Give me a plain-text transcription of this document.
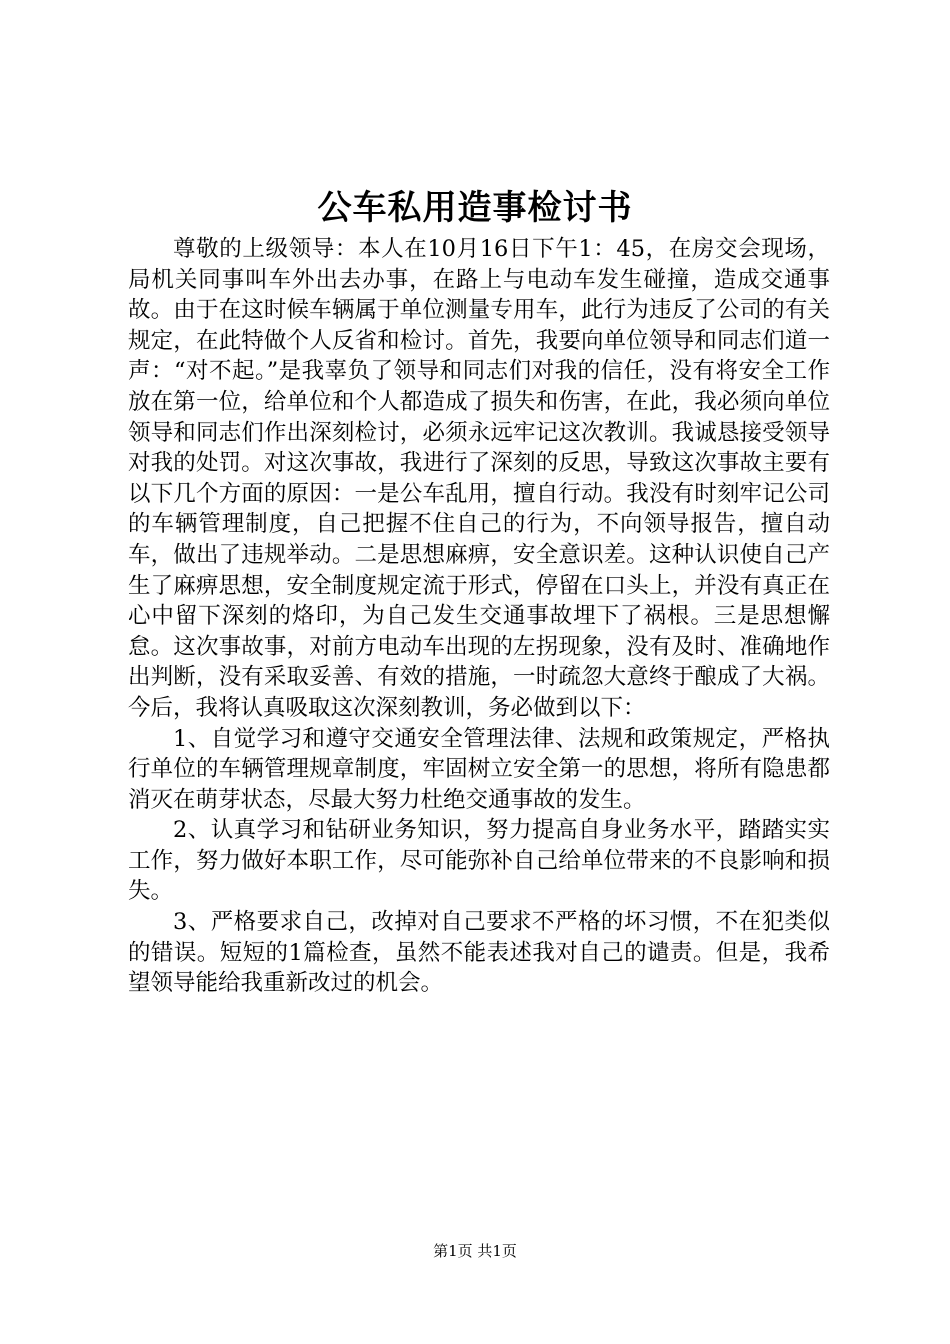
公车私用造事检讨书

尊敬的上级领导：本人在10月16日下午1：45，在房交会现场，局机关同事叫车外出去办事，在路上与电动车发生碰撞，造成交通事故。由于在这时候车辆属于单位测量专用车，此行为违反了公司的有关规定，在此特做个人反省和检讨。首先，我要向单位领导和同志们道一声：“对不起。”是我辜负了领导和同志们对我的信任，没有将安全工作放在第一位，给单位和个人都造成了损失和伤害，在此，我必须向单位领导和同志们作出深刻检讨，必须永远牢记这次教训。我诚恳接受领导对我的处罚。对这次事故，我进行了深刻的反思，导致这次事故主要有以下几个方面的原因：一是公车乱用，擅自行动。我没有时刻牢记公司的车辆管理制度，自己把握不住自己的行为，不向领导报告，擅自动车，做出了违规举动。二是思想麻痹，安全意识差。这种认识使自己产生了麻痹思想，安全制度规定流于形式，停留在口头上，并没有真正在心中留下深刻的烙印，为自己发生交通事故埋下了祸根。三是思想懈怠。这次事故事，对前方电动车出现的左拐现象，没有及时、准确地作出判断，没有采取妥善、有效的措施，一时疏忽大意终于酿成了大祸。今后，我将认真吸取这次深刻教训，务必做到以下：

1、自觉学习和遵守交通安全管理法律、法规和政策规定，严格执行单位的车辆管理规章制度，牢固树立安全第一的思想，将所有隐患都消灭在萌芽状态，尽最大努力杜绝交通事故的发生。

2、认真学习和钻研业务知识，努力提高自身业务水平，踏踏实实工作，努力做好本职工作，尽可能弥补自己给单位带来的不良影响和损失。

3、严格要求自己，改掉对自己要求不严格的坏习惯，不在犯类似的错误。短短的1篇检查，虽然不能表述我对自己的谴责。但是，我希望领导能给我重新改过的机会。

第1页 共1页
